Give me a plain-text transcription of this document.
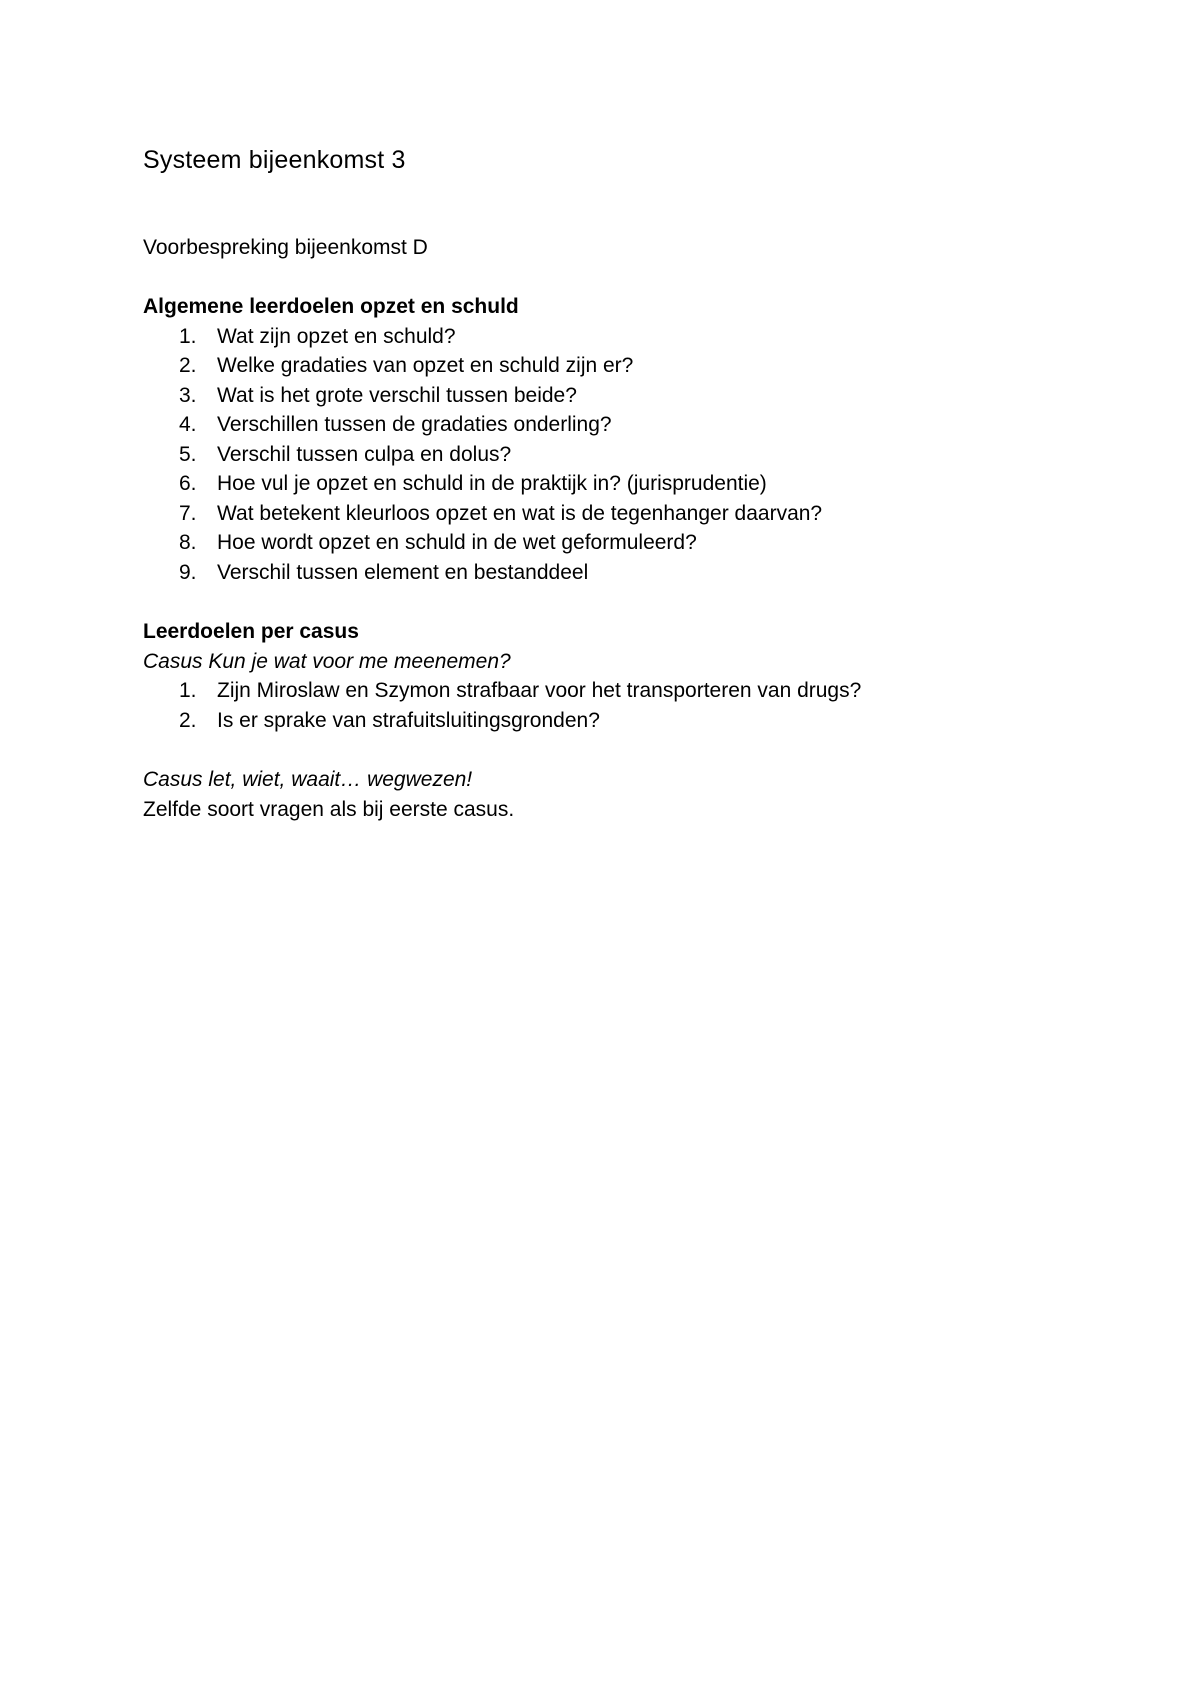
Systeem bijeenkomst 3
Voorbespreking bijeenkomst D
Algemene leerdoelen opzet en schuld
1. Wat zijn opzet en schuld?
2. Welke gradaties van opzet en schuld zijn er?
3. Wat is het grote verschil tussen beide?
4. Verschillen tussen de gradaties onderling?
5. Verschil tussen culpa en dolus?
6. Hoe vul je opzet en schuld in de praktijk in? (jurisprudentie)
7. Wat betekent kleurloos opzet en wat is de tegenhanger daarvan?
8. Hoe wordt opzet en schuld in de wet geformuleerd?
9. Verschil tussen element en bestanddeel
Leerdoelen per casus
Casus Kun je wat voor me meenemen?
1. Zijn Miroslaw en Szymon strafbaar voor het transporteren van drugs?
2. Is er sprake van strafuitsluitingsgronden?
Casus let, wiet, waait… wegwezen!
Zelfde soort vragen als bij eerste casus.
